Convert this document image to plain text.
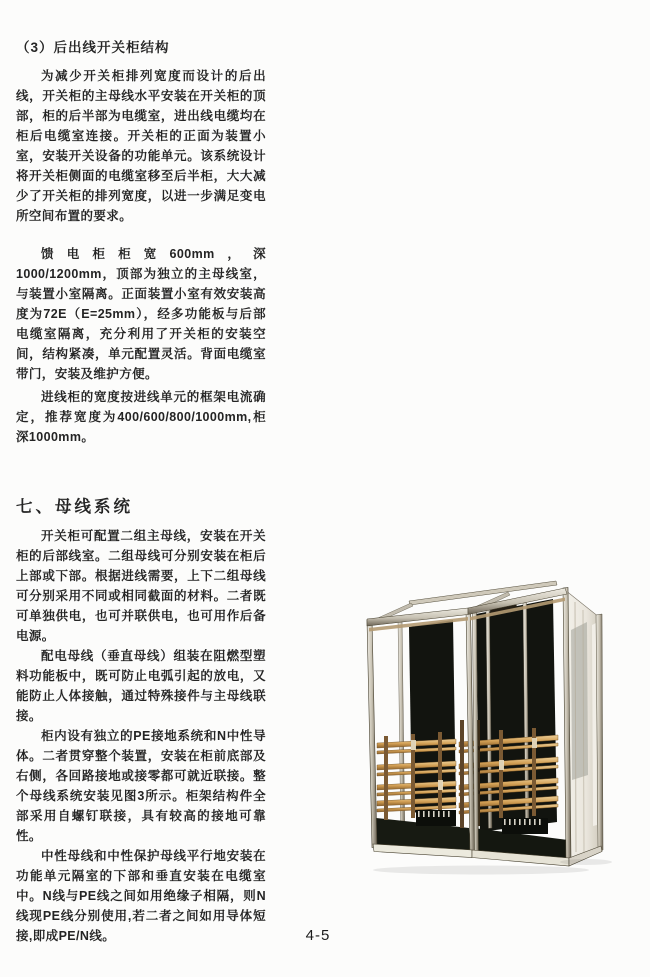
（3）后出线开关柜结构

为减少开关柜排列宽度而设计的后出线，开关柜的主母线水平安装在开关柜的顶部，柜的后半部为电缆室，进出线电缆均在柜后电缆室连接。开关柜的正面为装置小室，安装开关设备的功能单元。该系统设计将开关柜侧面的电缆室移至后半柜，大大减少了开关柜的排列宽度，以进一步满足变电所空间布置的要求。

馈电柜柜宽600mm，深1000/1200mm，顶部为独立的主母线室，与装置小室隔离。正面装置小室有效安装高度为72E（E=25mm），经多功能板与后部电缆室隔离，充分利用了开关柜的安装空间，结构紧凑，单元配置灵活。背面电缆室带门，安装及维护方便。

进线柜的宽度按进线单元的框架电流确定，推荐宽度为400/600/800/1000mm,柜深1000mm。

七、母线系统

开关柜可配置二组主母线，安装在开关柜的后部线室。二组母线可分别安装在柜后上部或下部。根据进线需要，上下二组母线可分别采用不同或相同截面的材料。二者既可单独供电，也可并联供电，也可用作后备电源。

配电母线（垂直母线）组装在阻燃型塑料功能板中，既可防止电弧引起的放电，又能防止人体接触，通过特殊接件与主母线联接。

柜内设有独立的PE接地系统和N中性导体。二者贯穿整个装置，安装在柜前底部及右侧，各回路接地或接零都可就近联接。整个母线系统安装见图3所示。柜架结构件全部采用自螺钉联接，具有较高的接地可靠性。

中性母线和中性保护母线平行地安装在功能单元隔室的下部和垂直安装在电缆室中。N线与PE线之间如用绝缘子相隔，则N线现PE线分别使用,若二者之间如用导体短接,即成PE/N线。	4-5
